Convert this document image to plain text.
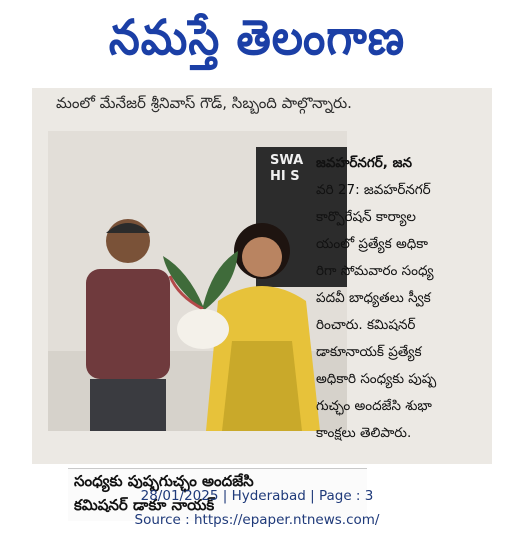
నమస్తే తెలంగాణ
మంలో మేనేజర్ శ్రీనివాస్ గౌడ్, సిబ్బంది పాల్గొన్నారు.
SWA
HI S
సంధ్యకు పుష్పగుచ్ఛం అందజేసి
కమిషనర్ డాకూ నాయక్
జవహర్‌నగర్, జన
వరి 27: జవహర్‌నగర్
కార్పొరేషన్ కార్యాల
యంలో ప్రత్యేక అధికా
రిగా సోమవారం సంధ్య
పదవీ బాధ్యతలు స్వీక
రించారు. కమిషనర్
డాకూనాయక్ ప్రత్యేక
అధికారి సంధ్యకు పుష్ప
గుచ్ఛం అందజేసి శుభా
కాంక్షలు తెలిపారు.
28/01/2025 | Hyderabad | Page : 3
Source : https://epaper.ntnews.com/
